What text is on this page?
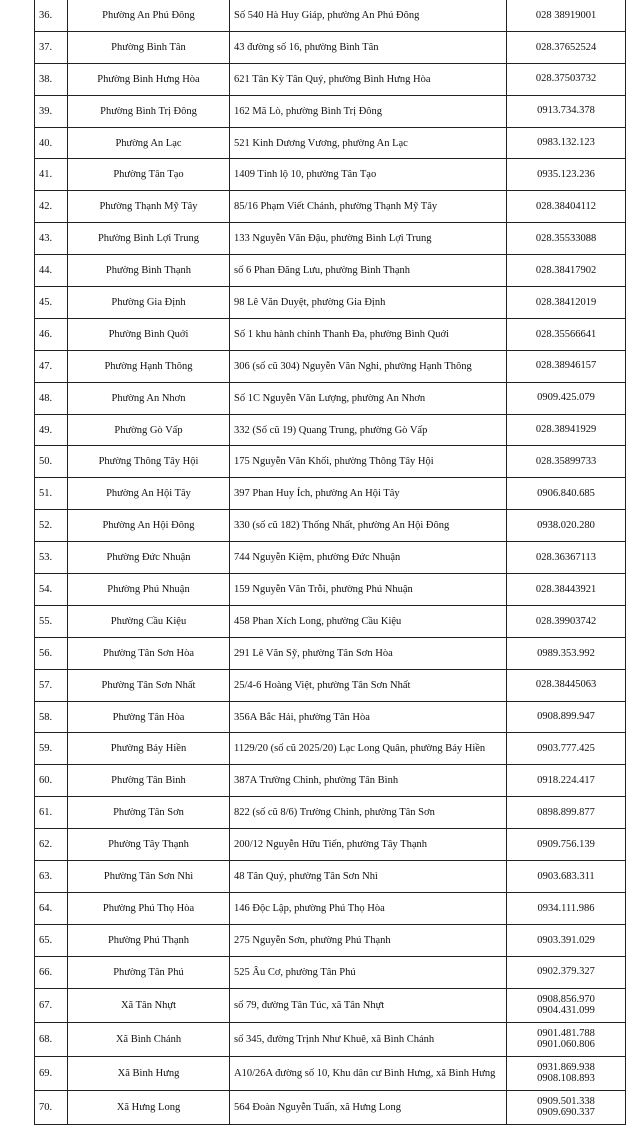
36.	Phường An Phú Đông	Số 540 Hà Huy Giáp, phường An Phú Đông	028 38919001

37.	Phường Bình Tân	43 đường số 16, phường Bình Tân	028.37652524

38.	Phường Bình Hưng Hòa	621 Tân Kỳ Tân Quý, phường Bình Hưng Hòa	028.37503732

39.	Phường Bình Trị Đông	162 Mã Lò, phường Bình Trị Đông	0913.734.378

40.	Phường An Lạc	521 Kinh Dương Vương, phường An Lạc	0983.132.123

41.	Phường Tân Tạo	1409 Tỉnh lộ 10, phường Tân Tạo	0935.123.236

42.	Phường Thạnh Mỹ Tây	85/16 Phạm Viết Chánh, phường Thạnh Mỹ Tây	028.38404112

43.	Phường Bình Lợi Trung	133 Nguyễn Văn Đậu, phường Bình Lợi Trung	028.35533088

44.	Phường Bình Thạnh	số 6 Phan Đăng Lưu, phường Bình Thạnh	028.38417902

45.	Phường Gia Định	98 Lê Văn Duyệt, phường Gia Định	028.38412019

46.	Phường Bình Quới	Số 1 khu hành chính Thanh Đa, phường Bình Quới	028.35566641

47.	Phường Hạnh Thông	306 (số cũ 304) Nguyễn Văn Nghi, phường Hạnh Thông	028.38946157

48.	Phường An Nhơn	Số 1C Nguyễn Văn Lượng, phường An Nhơn	0909.425.079

49.	Phường Gò Vấp	332 (Số cũ 19) Quang Trung, phường Gò Vấp	028.38941929

50.	Phường Thông Tây Hội	175 Nguyễn Văn Khối, phường Thông Tây Hội	028.35899733

51.	Phường An Hội Tây	397 Phan Huy Ích, phường An Hội Tây	0906.840.685

52.	Phường An Hội Đông	330 (số cũ 182) Thống Nhất, phường An Hội Đông	0938.020.280

53.	Phường Đức Nhuận	744 Nguyễn Kiệm, phường Đức Nhuận	028.36367113

54.	Phường Phú Nhuận	159 Nguyễn Văn Trỗi, phường Phú Nhuận	028.38443921

55.	Phường Cầu Kiệu	458 Phan Xích Long, phường Cầu Kiệu	028.39903742

56.	Phường Tân Sơn Hòa	291 Lê Văn Sỹ, phường Tân Sơn Hòa	0989.353.992

57.	Phường Tân Sơn Nhất	25/4-6 Hoàng Việt, phường Tân Sơn Nhất	028.38445063

58.	Phường Tân Hòa	356A Bắc Hải, phường Tân Hòa	0908.899.947

59.	Phường Bảy Hiền	1129/20 (số cũ 2025/20) Lạc Long Quân, phường Bảy Hiền	0903.777.425

60.	Phường Tân Bình	387A Trường Chinh, phường Tân Bình	0918.224.417

61.	Phường Tân Sơn	822 (số cũ 8/6) Trường Chinh, phường Tân Sơn	0898.899.877

62.	Phường Tây Thạnh	200/12 Nguyễn Hữu Tiến, phường Tây Thạnh	0909.756.139

63.	Phường Tân Sơn Nhì	48 Tân Quý, phường Tân Sơn Nhì	0903.683.311

64.	Phường Phú Thọ Hòa	146 Độc Lập, phường Phú Thọ Hòa	0934.111.986

65.	Phường Phú Thạnh	275 Nguyễn Sơn, phường Phú Thạnh	0903.391.029

66.	Phường Tân Phú	525 Âu Cơ, phường Tân Phú	0902.379.327

67.	Xã Tân Nhựt	số 79, đường Tân Túc, xã Tân Nhựt	0908.856.970
0904.431.099

68.	Xã Bình Chánh	số 345, đường Trịnh Như Khuê, xã Bình Chánh	0901.481.788
0901.060.806

69.	Xã Bình Hưng	A10/26A đường số 10, Khu dân cư Bình Hưng, xã Bình Hưng	0931.869.938
0908.108.893

70.	Xã Hưng Long	564 Đoàn Nguyễn Tuấn, xã Hưng Long	0909.501.338
0909.690.337
